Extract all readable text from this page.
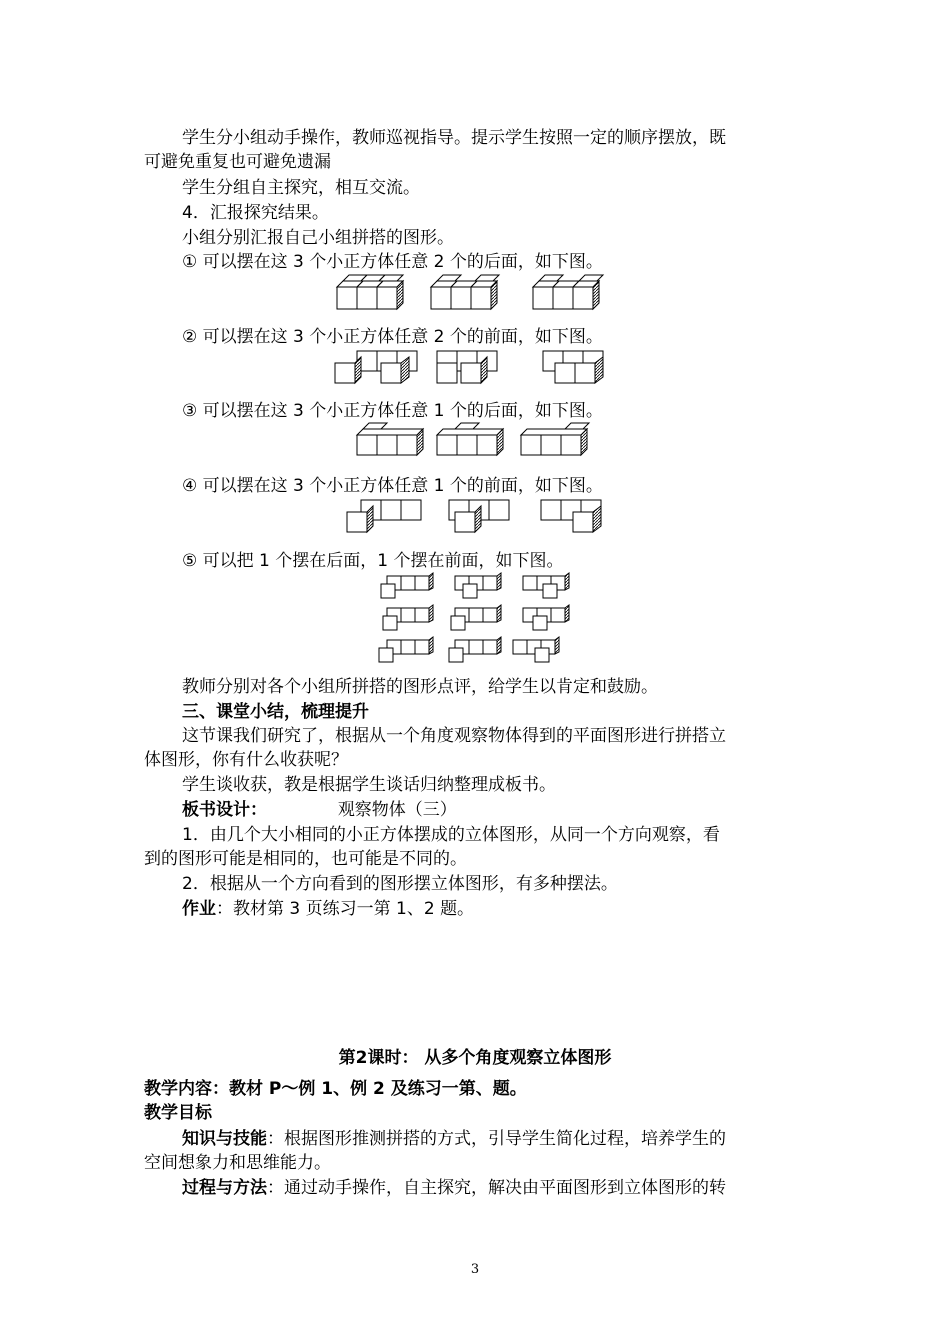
学生分小组动手操作，教师巡视指导。提示学生按照一定的顺序摆放，既
可避免重复也可避免遗漏
学生分组自主探究，相互交流。
4．汇报探究结果。
小组分别汇报自己小组拼搭的图形。
① 可以摆在这 3 个小正方体任意 2 个的后面，如下图。
② 可以摆在这 3 个小正方体任意 2 个的前面，如下图。
③ 可以摆在这 3 个小正方体任意 1 个的后面，如下图。
④ 可以摆在这 3 个小正方体任意 1 个的前面，如下图。
⑤ 可以把 1 个摆在后面，1 个摆在前面，如下图。
教师分别对各个小组所拼搭的图形点评，给学生以肯定和鼓励。
三、课堂小结，梳理提升
这节课我们研究了，根据从一个角度观察物体得到的平面图形进行拼搭立
体图形，你有什么收获呢？
学生谈收获，教是根据学生谈话归纳整理成板书。
板书设计：	观察物体（三）
1．由几个大小相同的小正方体摆成的立体图形，从同一个方向观察，看
到的图形可能是相同的，也可能是不同的。
2．根据从一个方向看到的图形摆立体图形，有多种摆法。
作业：教材第 3 页练习一第 1、2 题。
第2课时： 从多个角度观察立体图形
教学内容：教材 P～例 1、例 2 及练习一第、题。
教学目标
知识与技能：根据图形推测拼搭的方式，引导学生简化过程，培养学生的
空间想象力和思维能力。
过程与方法：通过动手操作，自主探究，解决由平面图形到立体图形的转
3
